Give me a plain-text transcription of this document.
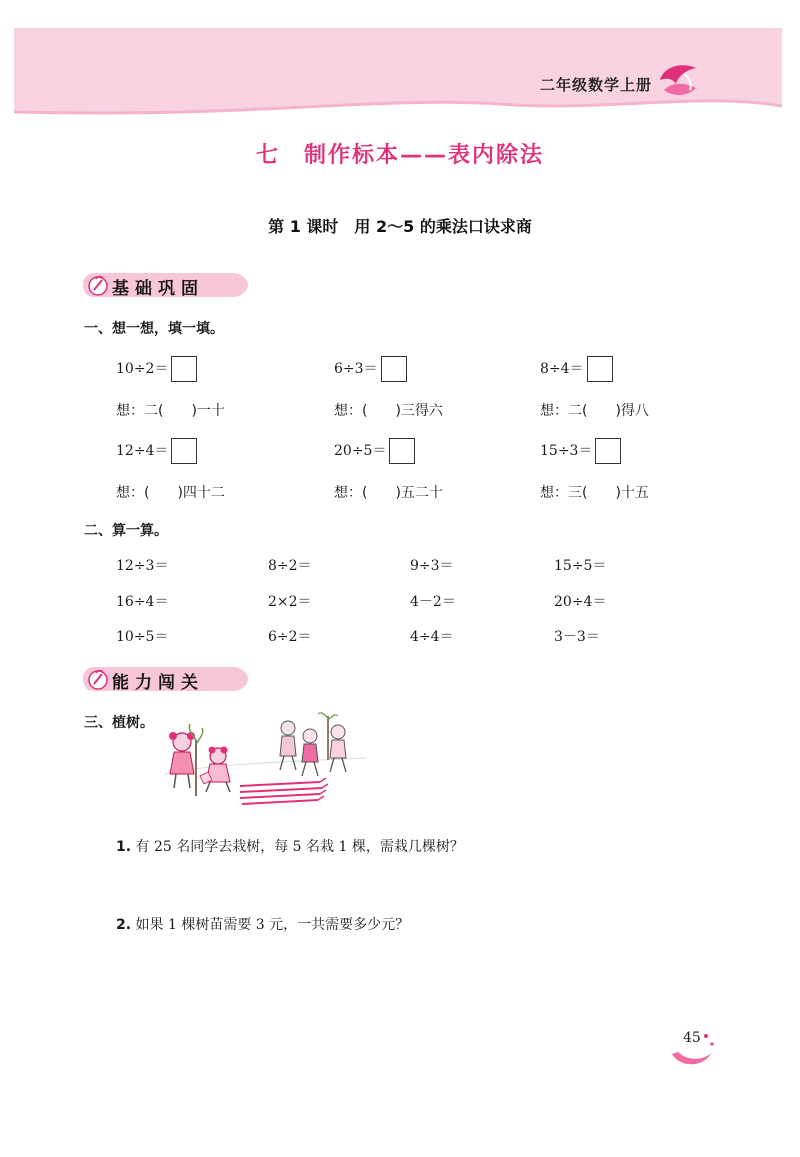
二年级数学上册
七　制作标本——表内除法
第 1 课时　用 2～5 的乘法口诀求商
基础巩固
一、想一想，填一填。
10÷2＝	6÷3＝	8÷4＝
想：二(　　)一十	想：(　　)三得六	想：二(　　)得八
12÷4＝	20÷5＝	15÷3＝
想：(　　)四十二	想：(　　)五二十	想：三(　　)十五
二、算一算。
12÷3＝	8÷2＝	9÷3＝	15÷5＝
16÷4＝	2×2＝	4－2＝	20÷4＝
10÷5＝	6÷2＝	4÷4＝	3－3＝
能力闯关
三、植树。
1. 有 25 名同学去栽树，每 5 名栽 1 棵，需栽几棵树？
2. 如果 1 棵树苗需要 3 元，一共需要多少元？
45
